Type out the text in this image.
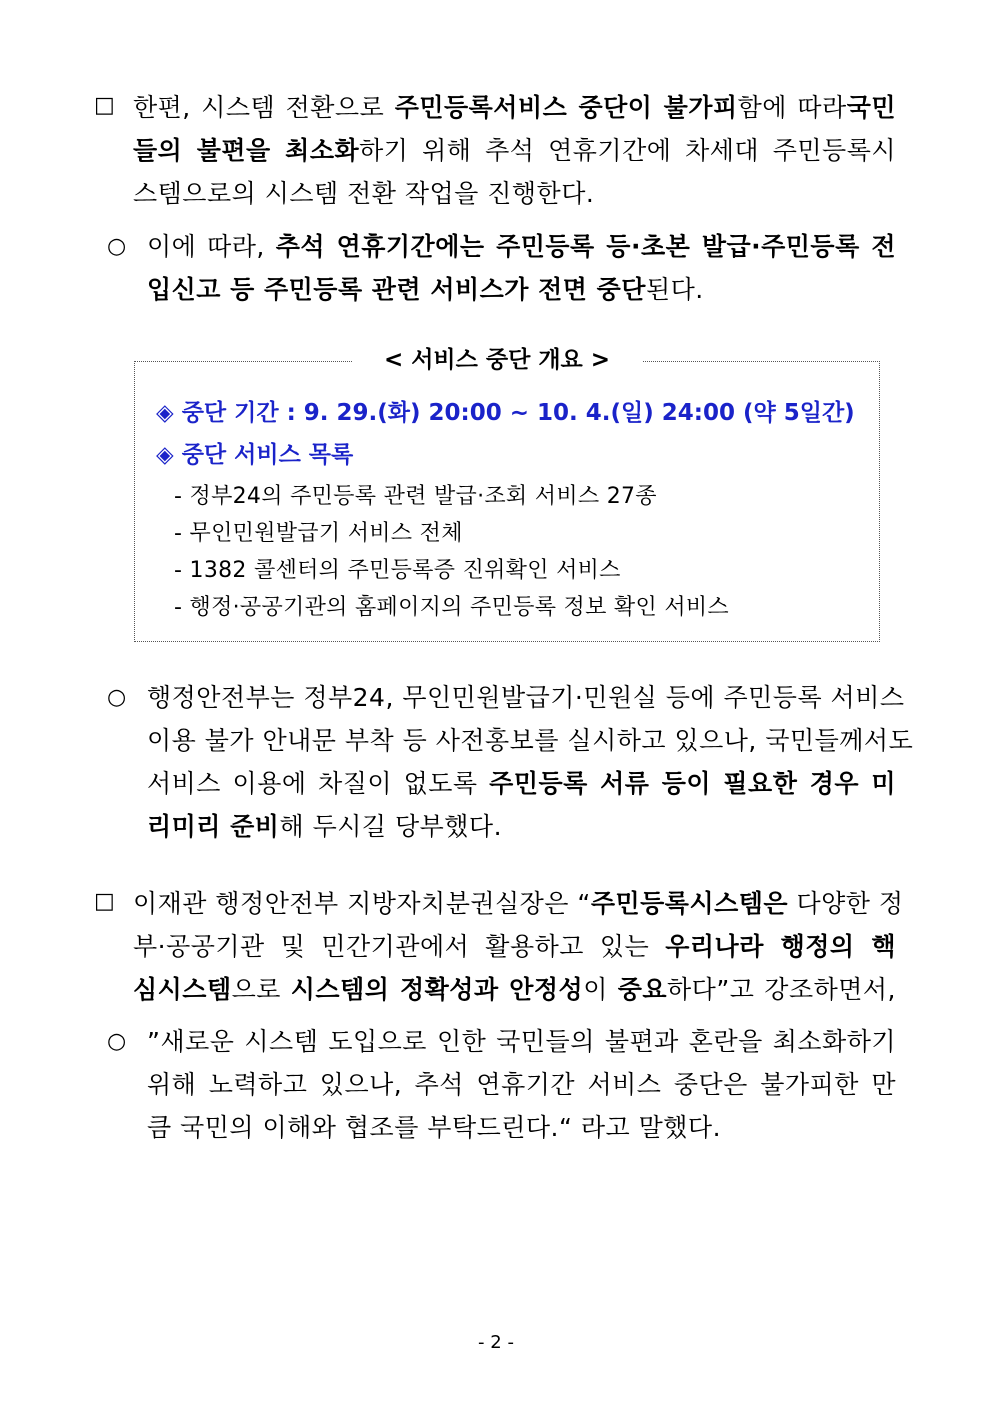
□ 한편, 시스템 전환으로 주민등록서비스 중단이 불가피함에 따라국민
들의 불편을 최소화하기 위해 추석 연휴기간에 차세대 주민등록시
스템으로의 시스템 전환 작업을 진행한다.
○ 이에 따라, 추석 연휴기간에는 주민등록 등·초본 발급·주민등록 전
입신고 등 주민등록 관련 서비스가 전면 중단된다.
< 서비스 중단 개요 >
◈ 중단 기간 : 9. 29.(화) 20:00 ~ 10. 4.(일) 24:00 (약 5일간)
◈ 중단 서비스 목록
- 정부24의 주민등록 관련 발급·조회 서비스 27종
- 무인민원발급기 서비스 전체
- 1382 콜센터의 주민등록증 진위확인 서비스
- 행정·공공기관의 홈페이지의 주민등록 정보 확인 서비스
○ 행정안전부는 정부24, 무인민원발급기·민원실 등에 주민등록 서비스
이용 불가 안내문 부착 등 사전홍보를 실시하고 있으나, 국민들께서도
서비스 이용에 차질이 없도록 주민등록 서류 등이 필요한 경우 미
리미리 준비해 두시길 당부했다.
□ 이재관 행정안전부 지방자치분권실장은 “주민등록시스템은 다양한 정
부·공공기관 및 민간기관에서 활용하고 있는 우리나라 행정의 핵
심시스템으로 시스템의 정확성과 안정성이 중요하다”고 강조하면서,
○ ”새로운 시스템 도입으로 인한 국민들의 불편과 혼란을 최소화하기
위해 노력하고 있으나, 추석 연휴기간 서비스 중단은 불가피한 만
큼 국민의 이해와 협조를 부탁드린다.“ 라고 말했다.
- 2 -
